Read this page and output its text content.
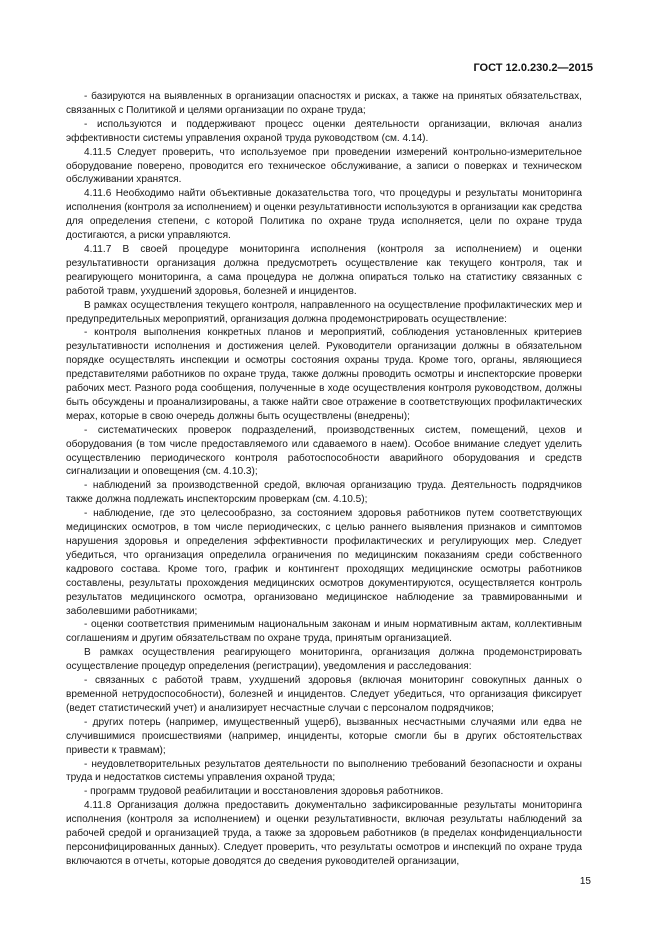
ГОСТ 12.0.230.2—2015

- базируются на выявленных в организации опасностях и рисках, а также на принятых обязательствах, связанных с Политикой и целями организации по охране труда;

- используются и поддерживают процесс оценки деятельности организации, включая анализ эффективности системы управления охраной труда руководством (см. 4.14).

4.11.5 Следует проверить, что используемое при проведении измерений контрольно-измерительное оборудование поверено, проводится его техническое обслуживание, а записи о поверках и техническом обслуживании хранятся.

4.11.6 Необходимо найти объективные доказательства того, что процедуры и результаты мониторинга исполнения (контроля за исполнением) и оценки результативности используются в организации как средства для определения степени, с которой Политика по охране труда исполняется, цели по охране труда достигаются, а риски управляются.

4.11.7 В своей процедуре мониторинга исполнения (контроля за исполнением) и оценки результативности организация должна предусмотреть осуществление как текущего контроля, так и реагирующего мониторинга, а сама процедура не должна опираться только на статистику связанных с работой травм, ухудшений здоровья, болезней и инцидентов.

В рамках осуществления текущего контроля, направленного на осуществление профилактических мер и предупредительных мероприятий, организация должна продемонстрировать осуществление:

- контроля выполнения конкретных планов и мероприятий, соблюдения установленных критериев результативности исполнения и достижения целей. Руководители организации должны в обязательном порядке осуществлять инспекции и осмотры состояния охраны труда. Кроме того, органы, являющиеся представителями работников по охране труда, также должны проводить осмотры и инспекторские проверки рабочих мест. Разного рода сообщения, полученные в ходе осуществления контроля руководством, должны быть обсуждены и проанализированы, а также найти свое отражение в соответствующих профилактических мерах, которые в свою очередь должны быть осуществлены (внедрены);

- систематических проверок подразделений, производственных систем, помещений, цехов и оборудования (в том числе предоставляемого или сдаваемого в наем). Особое внимание следует уделить осуществлению периодического контроля работоспособности аварийного оборудования и средств сигнализации и оповещения (см. 4.10.3);

- наблюдений за производственной средой, включая организацию труда. Деятельность подрядчиков также должна подлежать инспекторским проверкам (см. 4.10.5);

- наблюдение, где это целесообразно, за состоянием здоровья работников путем соответствующих медицинских осмотров, в том числе периодических, с целью раннего выявления признаков и симптомов нарушения здоровья и определения эффективности профилактических и регулирующих мер. Следует убедиться, что организация определила ограничения по медицинским показаниям среди собственного кадрового состава. Кроме того, график и контингент проходящих медицинские осмотры работников составлены, результаты прохождения медицинских осмотров документируются, осуществляется контроль результатов медицинского осмотра, организовано медицинское наблюдение за травмированными и заболевшими работниками;

- оценки соответствия применимым национальным законам и иным нормативным актам, коллективным соглашениям и другим обязательствам по охране труда, принятым организацией.

В рамках осуществления реагирующего мониторинга, организация должна продемонстрировать осуществление процедур определения (регистрации), уведомления и расследования:

- связанных с работой травм, ухудшений здоровья (включая мониторинг совокупных данных о временной нетрудоспособности), болезней и инцидентов. Следует убедиться, что организация фиксирует (ведет статистический учет) и анализирует несчастные случаи с персоналом подрядчиков;

- других потерь (например, имущественный ущерб), вызванных несчастными случаями или едва не случившимися происшествиями (например, инциденты, которые смогли бы в других обстоятельствах привести к травмам);

- неудовлетворительных результатов деятельности по выполнению требований безопасности и охраны труда и недостатков системы управления охраной труда;

- программ трудовой реабилитации и восстановления здоровья работников.

4.11.8 Организация должна предоставить документально зафиксированные результаты мониторинга исполнения (контроля за исполнением) и оценки результативности, включая результаты наблюдений за рабочей средой и организацией труда, а также за здоровьем работников (в пределах конфиденциальности персонифицированных данных). Следует проверить, что результаты осмотров и инспекций по охране труда включаются в отчеты, которые доводятся до сведения руководителей организации,

15
